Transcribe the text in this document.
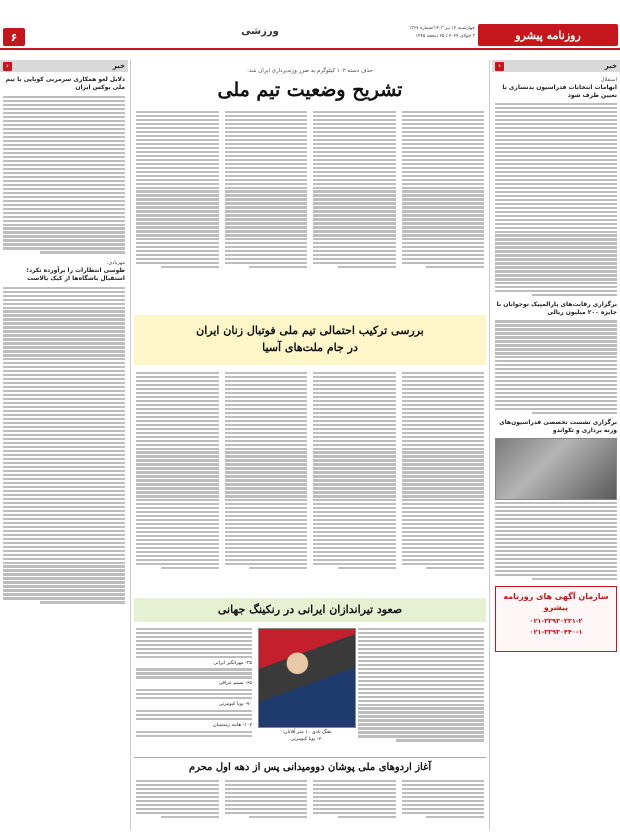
۶	ورزشی	روزنامه پیشرو
چهارشنبه ۱۲ تیر ۱۴۰۳/شماره ۱۳۶۷
۳ جولای ۲۰۲۴ / ۲۵ ذیحجه ۱۴۴۵
خبر
‹
دلایل لغو همکاری سرمربی کوبایی با تیم ملی بوکس ایران
مهرنادی:
طوسی انتظارات را برآورده نکرد؛ استقبال باشگاه‌ها از کیک بالاست
‹	خبر
استقلال
ابهامات انتخابات فدراسیون بدنسازی با تعیین طرف شود
برگزاری رقابت‌های پارالمپیک نوجوانان با جایزه ۲۰۰ میلیون ریالی
برگزاری نشست تخصصی فدراسیون‌های وزنه برداری و تکواندو
سازمان آگهی های روزنامه پیشرو
۰۲۱-۳۳۹۳۰۲۳۱-۲
۰۲۱-۳۳۹۳۰۴۴۰-۱
حذف دسته ۱۰۲ کیلوگرم به ضرر وزنه‌برداری ایران شد:
تشریح وضعیت تیم ملی
بررسی ترکیب احتمالی تیم ملی فوتبال زنان ایران
در جام ملت‌های آسیا
صعود تیراندازان ایرانی در رنکینگ جهانی
تفنگ بادی ۱۰ متر آقایان:
۷۰- پویا کیومرثی
۲۵- مهرانگیز ایرانی
۶۵- نسیم عراقی
۷۰- پویا کیومرثی
۱۰۷- هانیه رستمیان
آغاز اردوهای ملی پوشان دوومیدانی پس از دهه اول محرم
